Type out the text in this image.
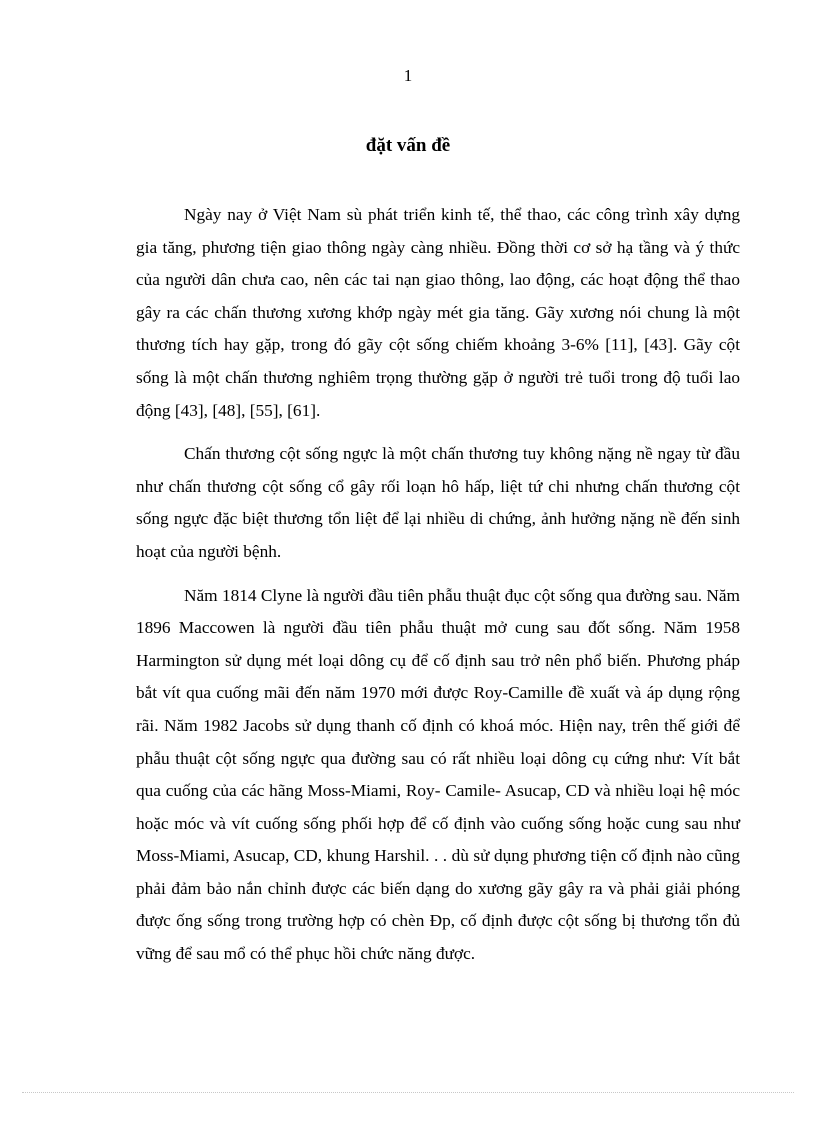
1
đặt vấn đề

Ngày nay ở Việt Nam sù phát triển kinh tế, thể thao, các công trình xây dựng gia tăng, phương tiện giao thông ngày càng nhiều. Đồng thời cơ sở hạ tầng và ý thức của người dân chưa cao, nên các tai nạn giao thông, lao động, các hoạt động thể thao gây ra các chấn thương xương khớp ngày mét gia tăng. Gãy xương nói chung là một thương tích hay gặp, trong đó gãy cột sống chiếm khoảng 3-6% [11], [43]. Gãy cột sống là một chấn thương nghiêm trọng thường gặp ở người trẻ tuổi trong độ tuổi lao động [43], [48], [55], [61].

Chấn thương cột sống ngực là một chấn thương tuy không nặng nề ngay từ đầu như chấn thương cột sống cổ gây rối loạn hô hấp, liệt tứ chi nhưng chấn thương cột sống ngực đặc biệt thương tổn liệt để lại nhiều di chứng, ảnh hưởng nặng nề đến sinh hoạt của người bệnh.

Năm 1814 Clyne là người đầu tiên phẫu thuật đục cột sống qua đường sau. Năm 1896 Maccowen là người đầu tiên phẫu thuật mở cung sau đốt sống. Năm 1958 Harmington sử dụng mét loại dông cụ để cố định sau trở nên phổ biến. Phương pháp bắt vít qua cuống mãi đến năm 1970 mới được Roy-Camille đề xuất và áp dụng rộng rãi. Năm 1982 Jacobs sử dụng thanh cố định có khoá móc. Hiện nay, trên thế giới để phẫu thuật cột sống ngực qua đường sau có rất nhiều loại dông cụ cứng như: Vít bắt qua cuống của các hãng Moss-Miami, Roy- Camile- Asucap, CD và nhiều loại hệ móc hoặc móc và vít cuống sống phối hợp để cố định vào cuống sống hoặc cung sau như Moss-Miami, Asucap, CD, khung Harshil. . . dù sử dụng phương tiện cố định nào cũng phải đảm bảo nắn chỉnh được các biến dạng do xương gãy gây ra và phải giải phóng được ống sống trong trường hợp có chèn Ðp, cố định được cột sống bị thương tổn đủ vững để sau mổ có thể phục hồi chức năng được.
